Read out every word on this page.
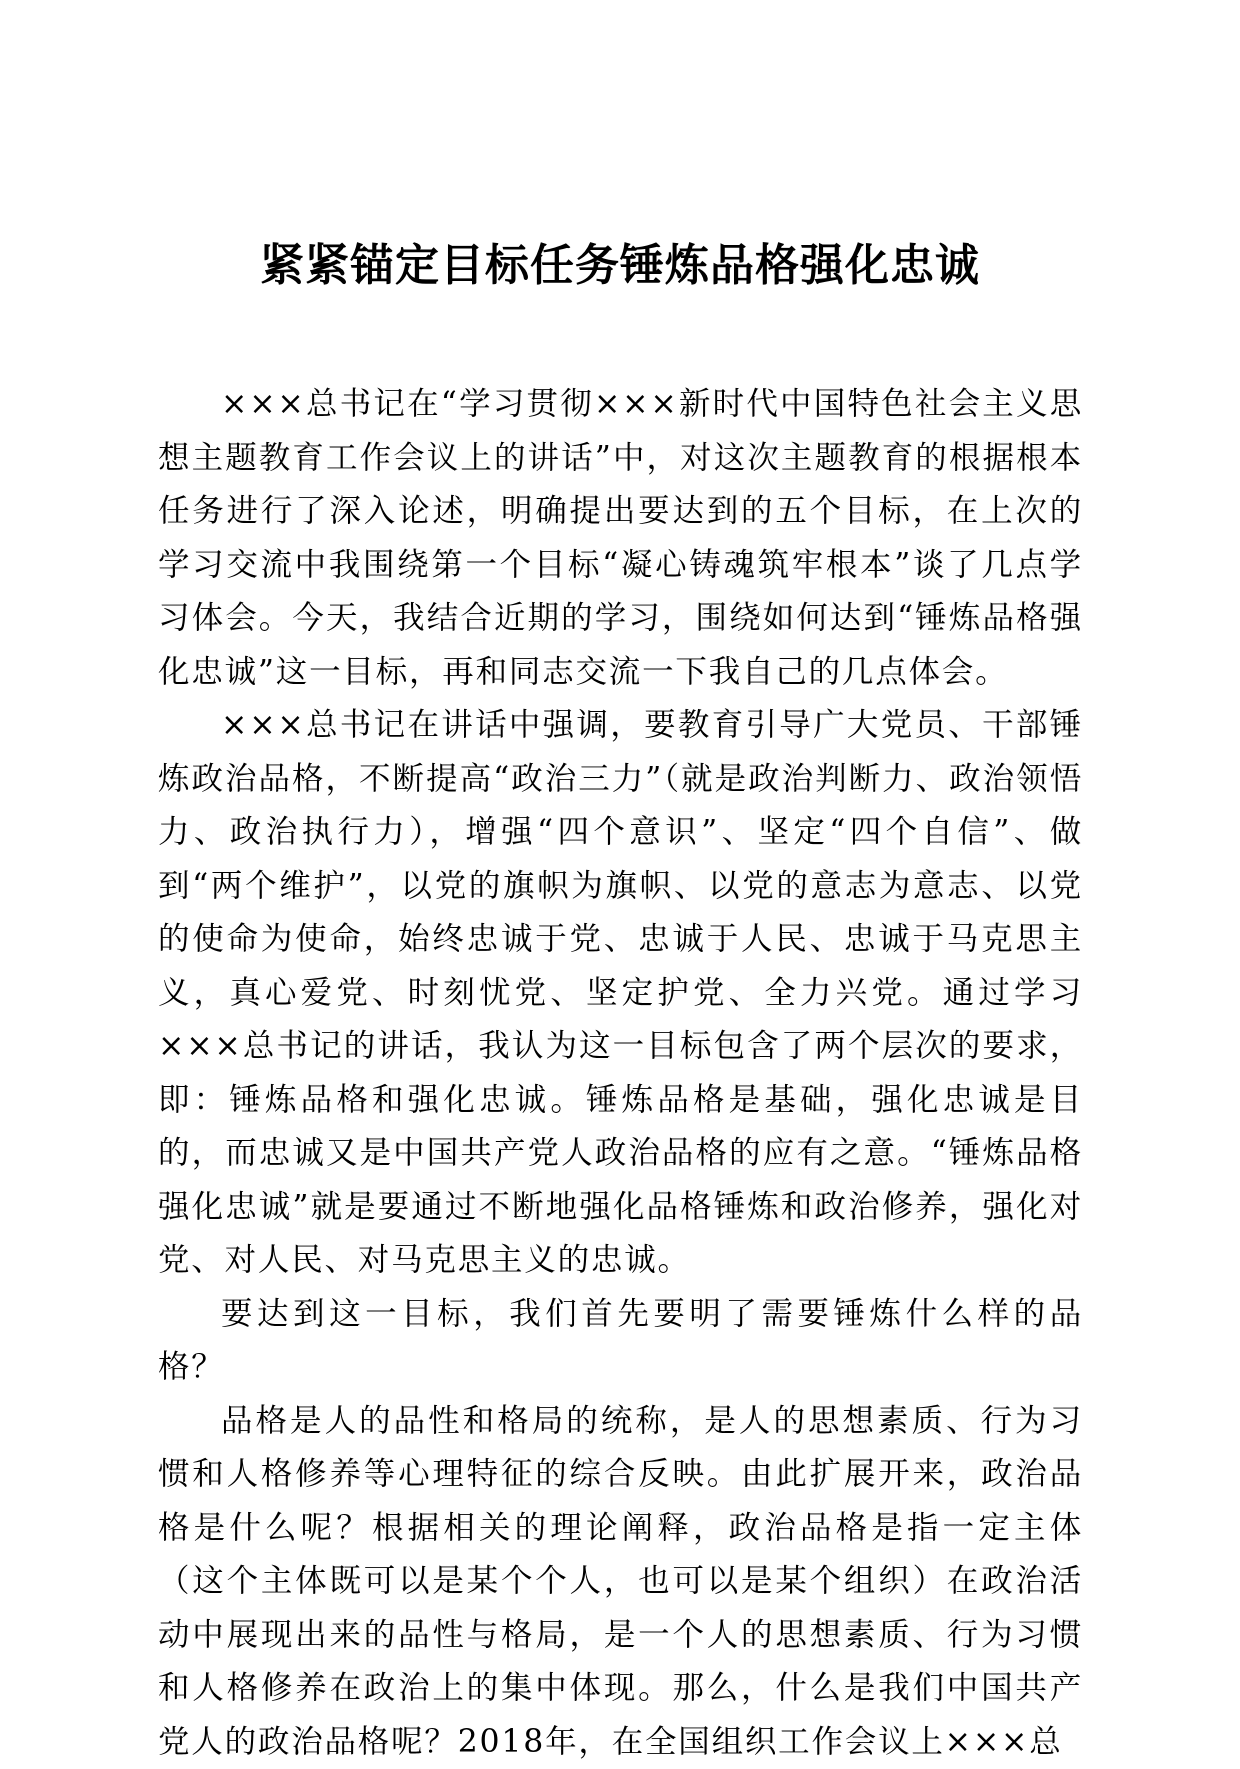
紧紧锚定目标任务锤炼品格强化忠诚

×××总书记在“学习贯彻×××新时代中国特色社会主义思想主题教育工作会议上的讲话”中，对这次主题教育的根据根本任务进行了深入论述，明确提出要达到的五个目标，在上次的学习交流中我围绕第一个目标“凝心铸魂筑牢根本”谈了几点学习体会。今天，我结合近期的学习，围绕如何达到“锤炼品格强化忠诚”这一目标，再和同志交流一下我自己的几点体会。

×××总书记在讲话中强调，要教育引导广大党员、干部锤炼政治品格，不断提高“政治三力”（就是政治判断力、政治领悟力、政治执行力），增强“四个意识”、坚定“四个自信”、做到“两个维护”，以党的旗帜为旗帜、以党的意志为意志、以党的使命为使命，始终忠诚于党、忠诚于人民、忠诚于马克思主义，真心爱党、时刻忧党、坚定护党、全力兴党。通过学习×××总书记的讲话，我认为这一目标包含了两个层次的要求，即：锤炼品格和强化忠诚。锤炼品格是基础，强化忠诚是目的，而忠诚又是中国共产党人政治品格的应有之意。“锤炼品格强化忠诚”就是要通过不断地强化品格锤炼和政治修养，强化对党、对人民、对马克思主义的忠诚。

要达到这一目标，我们首先要明了需要锤炼什么样的品格？

品格是人的品性和格局的统称，是人的思想素质、行为习惯和人格修养等心理特征的综合反映。由此扩展开来，政治品格是什么呢？根据相关的理论阐释，政治品格是指一定主体（这个主体既可以是某个个人，也可以是某个组织）在政治活动中展现出来的品性与格局，是一个人的思想素质、行为习惯和人格修养在政治上的集中体现。那么，什么是我们中国共产党人的政治品格呢？2018年，在全国组织工作会议上×××总
